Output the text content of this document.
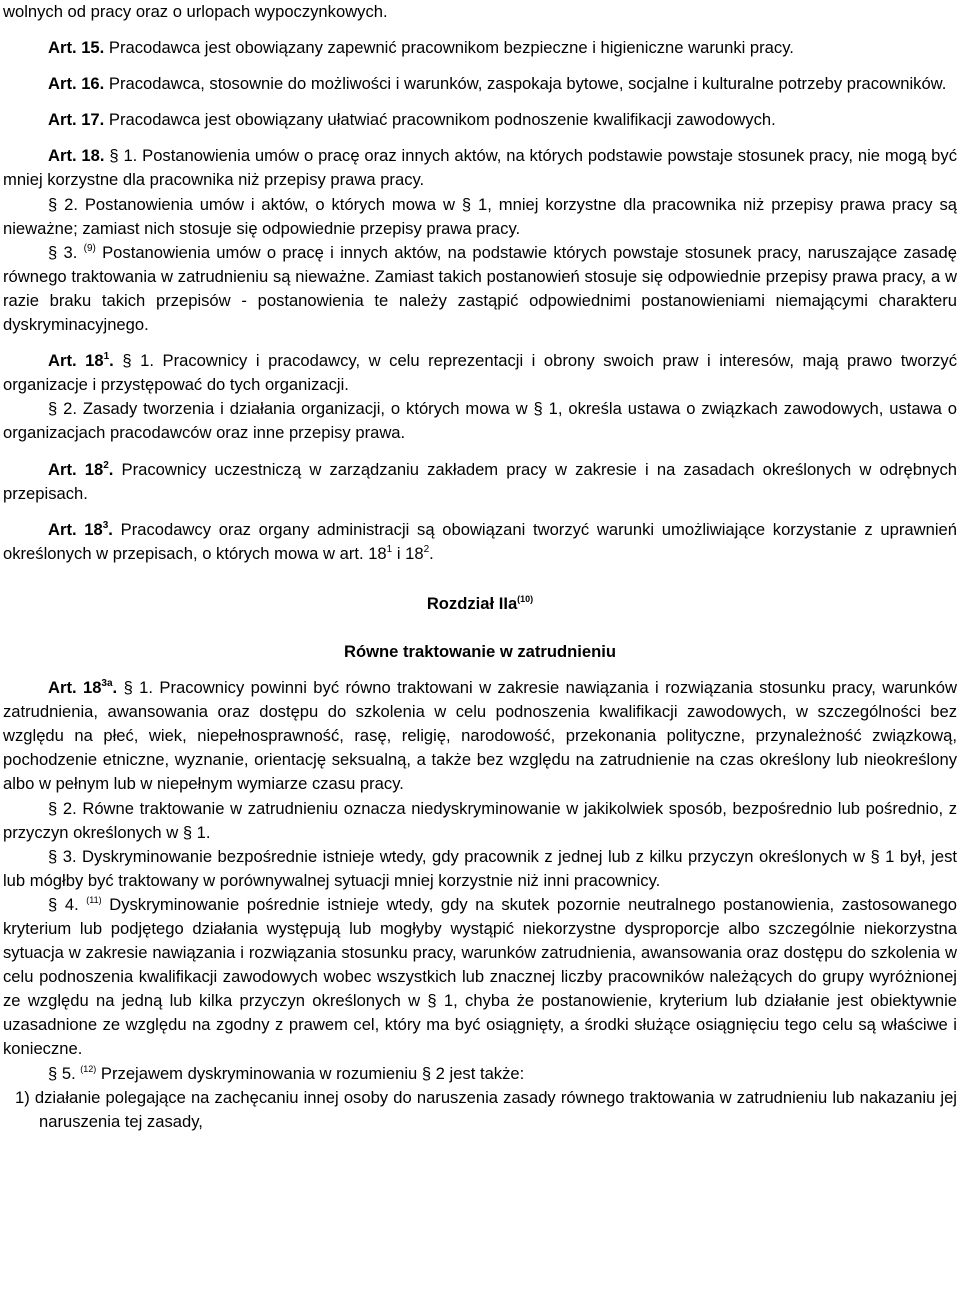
wolnych od pracy oraz o urlopach wypoczynkowych.

Art. 15. Pracodawca jest obowiązany zapewnić pracownikom bezpieczne i higieniczne warunki pracy.

Art. 16. Pracodawca, stosownie do możliwości i warunków, zaspokaja bytowe, socjalne i kulturalne potrzeby pracowników.

Art. 17. Pracodawca jest obowiązany ułatwiać pracownikom podnoszenie kwalifikacji zawodowych.

Art. 18. § 1. Postanowienia umów o pracę oraz innych aktów, na których podstawie powstaje stosunek pracy, nie mogą być mniej korzystne dla pracownika niż przepisy prawa pracy.

§ 2. Postanowienia umów i aktów, o których mowa w § 1, mniej korzystne dla pracownika niż przepisy prawa pracy są nieważne; zamiast nich stosuje się odpowiednie przepisy prawa pracy.

§ 3. $^{(9)}$ Postanowienia umów o pracę i innych aktów, na podstawie których powstaje stosunek pracy, naruszające zasadę równego traktowania w zatrudnieniu są nieważne. Zamiast takich postanowień stosuje się odpowiednie przepisy prawa pracy, a w razie braku takich przepisów - postanowienia te należy zastąpić odpowiednimi postanowieniami niemającymi charakteru dyskryminacyjnego.

Art. $18^1$. § 1. Pracownicy i pracodawcy, w celu reprezentacji i obrony swoich praw i interesów, mają prawo tworzyć organizacje i przystępować do tych organizacji.

§ 2. Zasady tworzenia i działania organizacji, o których mowa w § 1, określa ustawa o związkach zawodowych, ustawa o organizacjach pracodawców oraz inne przepisy prawa.

Art. $18^2$. Pracownicy uczestniczą w zarządzaniu zakładem pracy w zakresie i na zasadach określonych w odrębnych przepisach.

Art. $18^3$. Pracodawcy oraz organy administracji są obowiązani tworzyć warunki umożliwiające korzystanie z uprawnień określonych w przepisach, o których mowa w art. $18^1$ i $18^2$.

Rozdział IIa$^{(10)}$
Równe traktowanie w zatrudnieniu

Art. $18^{3a}$. § 1. Pracownicy powinni być równo traktowani w zakresie nawiązania i rozwiązania stosunku pracy, warunków zatrudnienia, awansowania oraz dostępu do szkolenia w celu podnoszenia kwalifikacji zawodowych, w szczególności bez względu na płeć, wiek, niepełnosprawność, rasę, religię, narodowość, przekonania polityczne, przynależność związkową, pochodzenie etniczne, wyznanie, orientację seksualną, a także bez względu na zatrudnienie na czas określony lub nieokreślony albo w pełnym lub w niepełnym wymiarze czasu pracy.

§ 2. Równe traktowanie w zatrudnieniu oznacza niedyskryminowanie w jakikolwiek sposób, bezpośrednio lub pośrednio, z przyczyn określonych w § 1.

§ 3. Dyskryminowanie bezpośrednie istnieje wtedy, gdy pracownik z jednej lub z kilku przyczyn określonych w § 1 był, jest lub mógłby być traktowany w porównywalnej sytuacji mniej korzystnie niż inni pracownicy.

§ 4. $^{(11)}$ Dyskryminowanie pośrednie istnieje wtedy, gdy na skutek pozornie neutralnego postanowienia, zastosowanego kryterium lub podjętego działania występują lub mogłyby wystąpić niekorzystne dysproporcje albo szczególnie niekorzystna sytuacja w zakresie nawiązania i rozwiązania stosunku pracy, warunków zatrudnienia, awansowania oraz dostępu do szkolenia w celu podnoszenia kwalifikacji zawodowych wobec wszystkich lub znacznej liczby pracowników należących do grupy wyróżnionej ze względu na jedną lub kilka przyczyn określonych w § 1, chyba że postanowienie, kryterium lub działanie jest obiektywnie uzasadnione ze względu na zgodny z prawem cel, który ma być osiągnięty, a środki służące osiągnięciu tego celu są właściwe i konieczne.

§ 5. $^{(12)}$ Przejawem dyskryminowania w rozumieniu § 2 jest także:

1) działanie polegające na zachęcaniu innej osoby do naruszenia zasady równego traktowania w zatrudnieniu lub nakazaniu jej naruszenia tej zasady,
